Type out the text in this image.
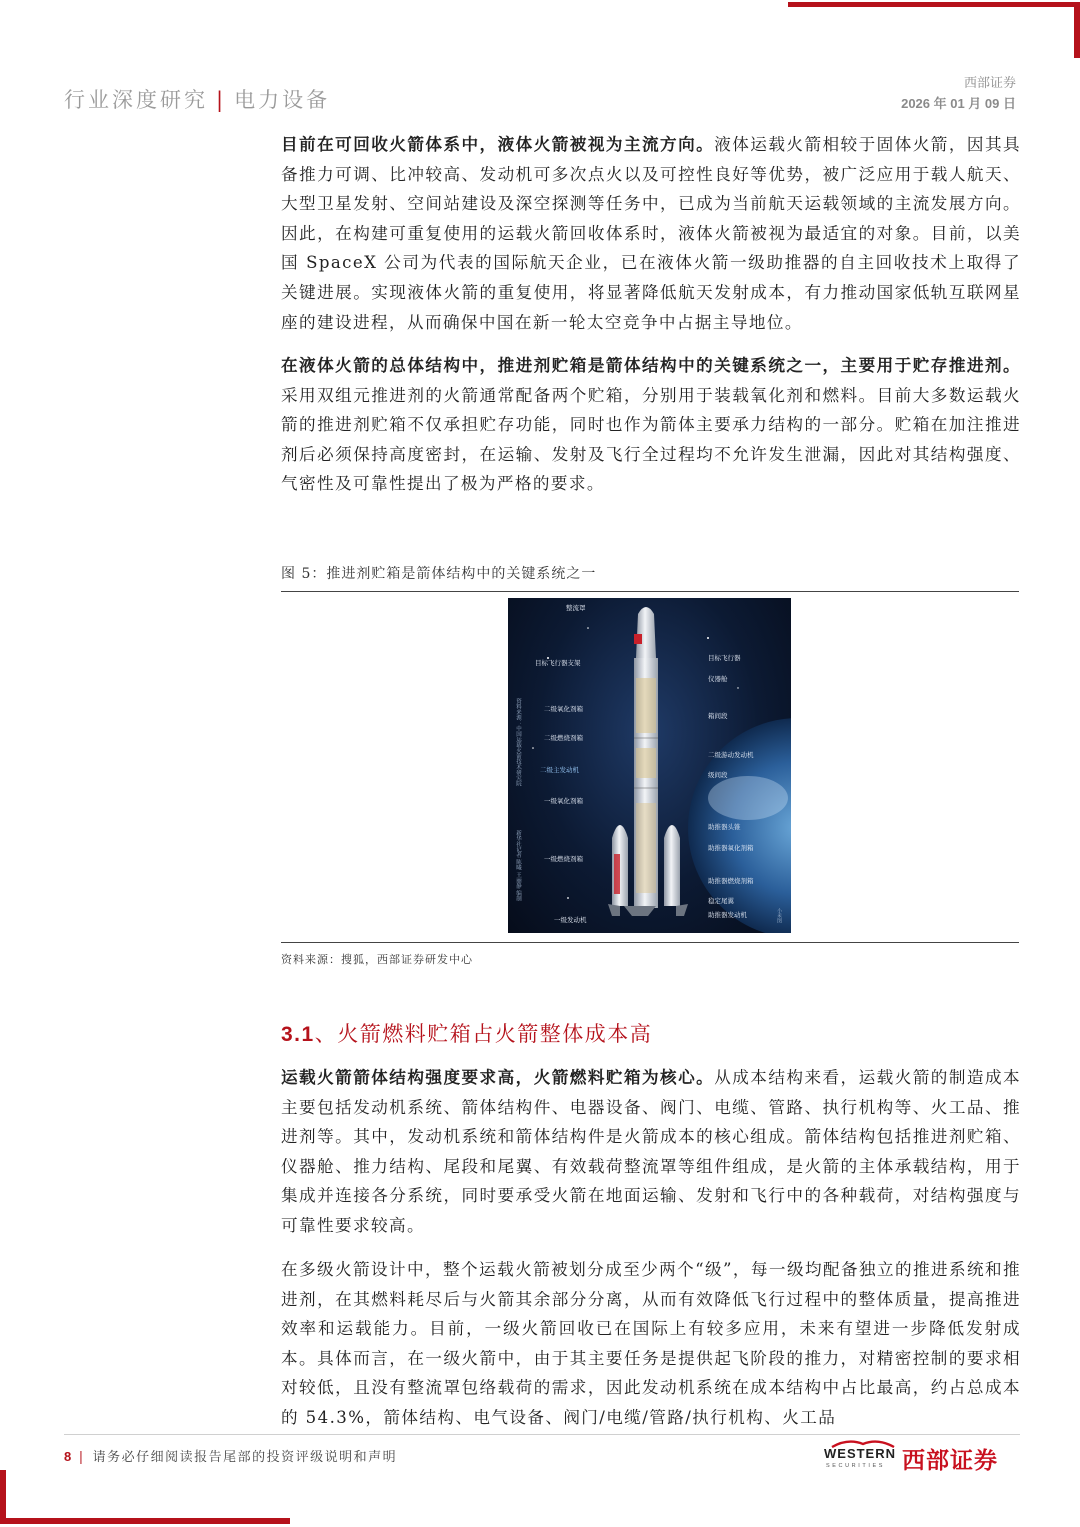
行业深度研究 | 电力设备
西部证券
2026 年 01 月 09 日

目前在可回收火箭体系中，液体火箭被视为主流方向。液体运载火箭相较于固体火箭，因其具备推力可调、比冲较高、发动机可多次点火以及可控性良好等优势，被广泛应用于载人航天、大型卫星发射、空间站建设及深空探测等任务中，已成为当前航天运载领域的主流发展方向。因此，在构建可重复使用的运载火箭回收体系时，液体火箭被视为最适宜的对象。目前，以美国 SpaceX 公司为代表的国际航天企业，已在液体火箭一级助推器的自主回收技术上取得了关键进展。实现液体火箭的重复使用，将显著降低航天发射成本，有力推动国家低轨互联网星座的建设进程，从而确保中国在新一轮太空竞争中占据主导地位。

在液体火箭的总体结构中，推进剂贮箱是箭体结构中的关键系统之一，主要用于贮存推进剂。采用双组元推进剂的火箭通常配备两个贮箱，分别用于装载氧化剂和燃料。目前大多数运载火箭的推进剂贮箱不仅承担贮存功能，同时也作为箭体主要承力结构的一部分。贮箱在加注推进剂后必须保持高度密封，在运输、发射及飞行全过程均不允许发生泄漏，因此对其结构强度、气密性及可靠性提出了极为严格的要求。

图 5：推进剂贮箱是箭体结构中的关键系统之一
整流罩
目标飞行器支架
二级氧化剂箱
二级燃烧剂箱
二级主发动机
一级氧化剂箱
一级燃烧剂箱
一级发动机
目标飞行器
仪器舱
箱间段
二级游动发动机
级间段
助推器头锥
助推器氧化剂箱
助推器燃烧剂箱
稳定尾翼
助推器发动机
资料来源：中国运载火箭技术研究院
新华社记者 陈曦 王丽静 编制
小米图
资料来源：搜狐，西部证券研发中心
3.1、火箭燃料贮箱占火箭整体成本高

运载火箭箭体结构强度要求高，火箭燃料贮箱为核心。从成本结构来看，运载火箭的制造成本主要包括发动机系统、箭体结构件、电器设备、阀门、电缆、管路、执行机构等、火工品、推进剂等。其中，发动机系统和箭体结构件是火箭成本的核心组成。箭体结构包括推进剂贮箱、仪器舱、推力结构、尾段和尾翼、有效载荷整流罩等组件组成，是火箭的主体承载结构，用于集成并连接各分系统，同时要承受火箭在地面运输、发射和飞行中的各种载荷，对结构强度与可靠性要求较高。

在多级火箭设计中，整个运载火箭被划分成至少两个“级”，每一级均配备独立的推进系统和推进剂，在其燃料耗尽后与火箭其余部分分离，从而有效降低飞行过程中的整体质量，提高推进效率和运载能力。目前，一级火箭回收已在国际上有较多应用，未来有望进一步降低发射成本。具体而言，在一级火箭中，由于其主要任务是提供起飞阶段的推力，对精密控制的要求相对较低，且没有整流罩包络载荷的需求，因此发动机系统在成本结构中占比最高，约占总成本的 54.3%，箭体结构、电气设备、阀门/电缆/管路/执行机构、火工品

8 | 请务必仔细阅读报告尾部的投资评级说明和声明	WESTERN
SECURITIES 西部证券
